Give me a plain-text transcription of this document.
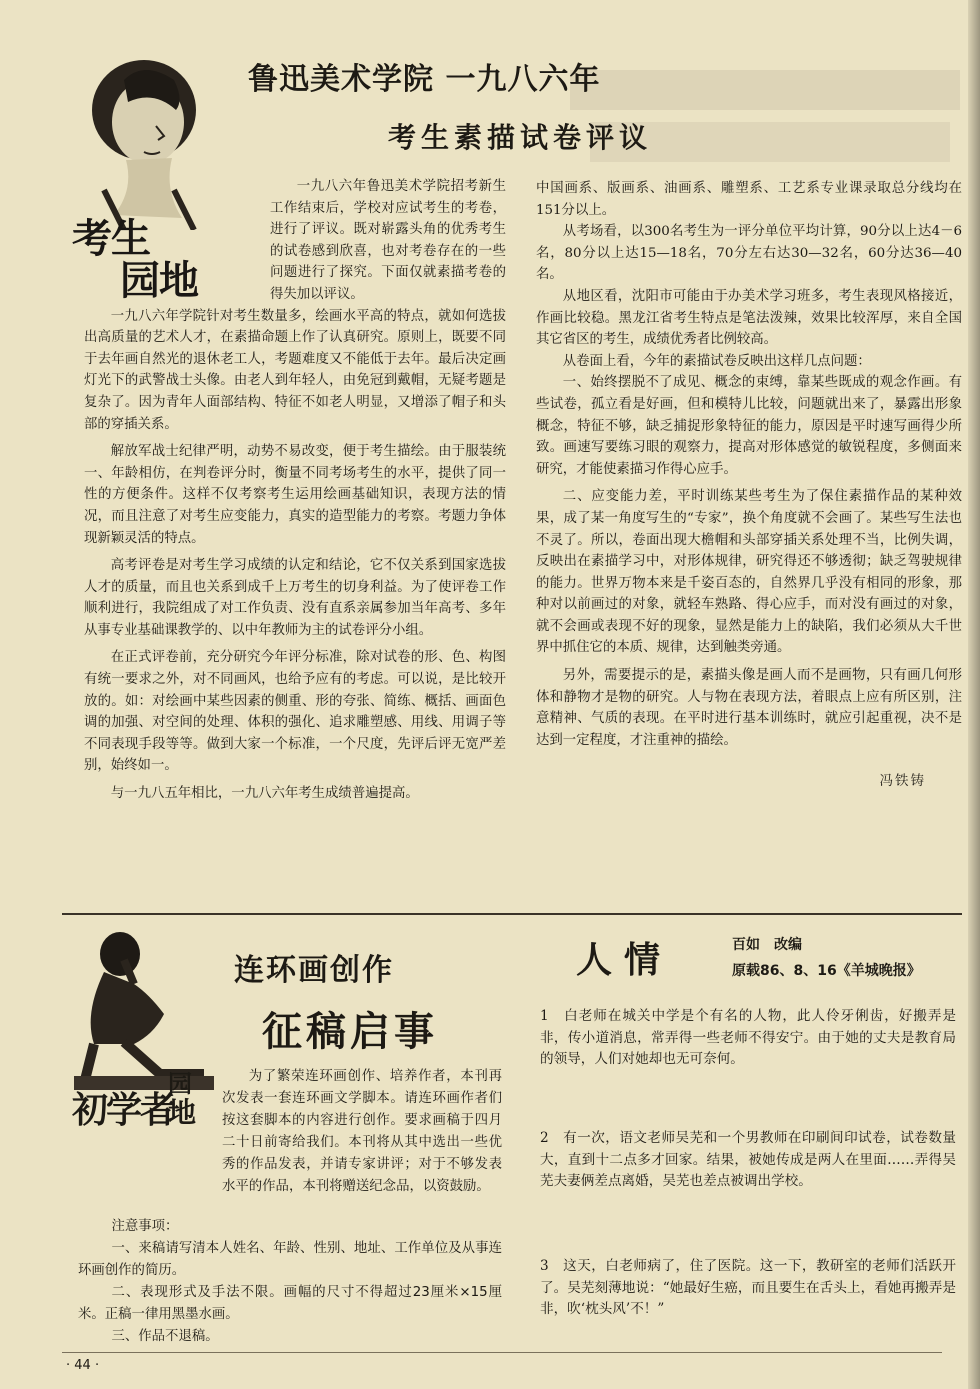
考生
园地
鲁迅美术学院 一九八六年
考生素描试卷评议

一九八六年鲁迅美术学院招考新生工作结束后，学校对应试考生的考卷，进行了评议。既对崭露头角的优秀考生的试卷感到欣喜，也对考卷存在的一些问题进行了探究。下面仅就素描考卷的得失加以评议。

一九八六年学院针对考生数量多，绘画水平高的特点，就如何选拔出高质量的艺术人才，在素描命题上作了认真研究。原则上，既要不同于去年画自然光的退休老工人，考题难度又不能低于去年。最后决定画灯光下的武警战士头像。由老人到年轻人，由免冠到戴帽，无疑考题是复杂了。因为青年人面部结构、特征不如老人明显，又增添了帽子和头部的穿插关系。

解放军战士纪律严明，动势不易改变，便于考生描绘。由于服装统一、年龄相仿，在判卷评分时，衡量不同考场考生的水平，提供了同一性的方便条件。这样不仅考察考生运用绘画基础知识，表现方法的情况，而且注意了对考生应变能力，真实的造型能力的考察。考题力争体现新颖灵活的特点。

高考评卷是对考生学习成绩的认定和结论，它不仅关系到国家选拔人才的质量，而且也关系到成千上万考生的切身利益。为了使评卷工作顺利进行，我院组成了对工作负责、没有直系亲属参加当年高考、多年从事专业基础课教学的、以中年教师为主的试卷评分小组。

在正式评卷前，充分研究今年评分标准，除对试卷的形、色、构图有统一要求之外，对不同画风，也给予应有的考虑。可以说，是比较开放的。如：对绘画中某些因素的侧重、形的夸张、简练、概括、画面色调的加强、对空间的处理、体积的强化、追求雕塑感、用线、用调子等不同表现手段等等。做到大家一个标准，一个尺度，先评后评无宽严差别，始终如一。

与一九八五年相比，一九八六年考生成绩普遍提高。

中国画系、版画系、油画系、雕塑系、工艺系专业课录取总分线均在151分以上。

从考场看，以300名考生为一评分单位平均计算，90分以上达4－6名，80分以上达15—18名，70分左右达30—32名，60分达36—40名。

从地区看，沈阳市可能由于办美术学习班多，考生表现风格接近，作画比较稳。黑龙江省考生特点是笔法泼辣，效果比较浑厚，来自全国其它省区的考生，成绩优秀者比例较高。

从卷面上看，今年的素描试卷反映出这样几点问题：

一、始终摆脱不了成见、概念的束缚，靠某些既成的观念作画。有些试卷，孤立看是好画，但和模特儿比较，问题就出来了，暴露出形象概念，特征不够，缺乏捕捉形象特征的能力，原因是平时速写画得少所致。画速写要练习眼的观察力，提高对形体感觉的敏锐程度，多侧面来研究，才能使素描习作得心应手。

二、应变能力差，平时训练某些考生为了保住素描作品的某种效果，成了某一角度写生的“专家”，换个角度就不会画了。某些写生法也不灵了。所以，卷面出现大檐帽和头部穿插关系处理不当，比例失调，反映出在素描学习中，对形体规律，研究得还不够透彻；缺乏驾驶规律的能力。世界万物本来是千姿百态的，自然界几乎没有相同的形象，那种对以前画过的对象，就轻车熟路、得心应手，而对没有画过的对象，就不会画或表现不好的现象，显然是能力上的缺陷，我们必须从大千世界中抓住它的本质、规律，达到触类旁通。

另外，需要提示的是，素描头像是画人而不是画物，只有画几何形体和静物才是物的研究。人与物在表现方法，着眼点上应有所区别，注意精神、气质的表现。在平时进行基本训练时，就应引起重视，决不是达到一定程度，才注重神的描绘。

冯铁铸
初学者
园
地
连环画创作
征稿启事

为了繁荣连环画创作、培养作者，本刊再次发表一套连环画文学脚本。请连环画作者们按这套脚本的内容进行创作。要求画稿于四月二十日前寄给我们。本刊将从其中选出一些优秀的作品发表，并请专家讲评；对于不够发表水平的作品，本刊将赠送纪念品，以资鼓励。

注意事项：

一、来稿请写清本人姓名、年龄、性别、地址、工作单位及从事连环画创作的简历。

二、表现形式及手法不限。画幅的尺寸不得超过23厘米×15厘米。正稿一律用黑墨水画。

三、作品不退稿。

人情	百如　改编
原载86、8、16《羊城晚报》

1　白老师在城关中学是个有名的人物，此人伶牙俐齿，好搬弄是非，传小道消息，常弄得一些老师不得安宁。由于她的丈夫是教育局的领导，人们对她却也无可奈何。

2　有一次，语文老师吴芜和一个男教师在印刷间印试卷，试卷数量大，直到十二点多才回家。结果，被她传成是两人在里面……弄得吴芜夫妻俩差点离婚，吴芜也差点被调出学校。

3　这天，白老师病了，住了医院。这一下，教研室的老师们活跃开了。吴芜刻薄地说：“她最好生癌，而且要生在舌头上，看她再搬弄是非，吹‘枕头风’不！”

· 44 ·
